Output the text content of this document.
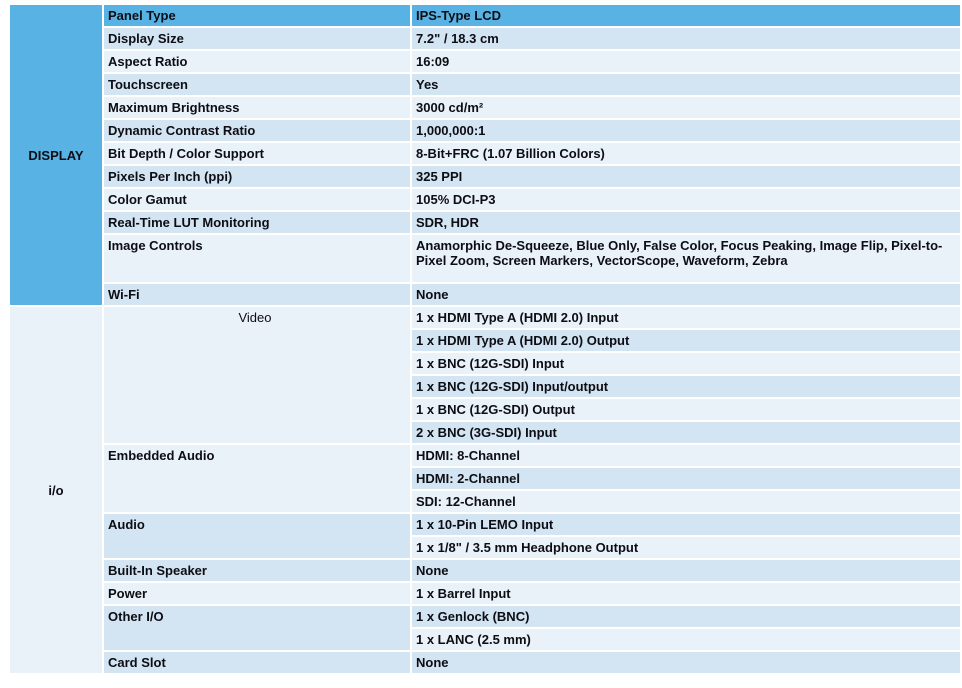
DISPLAY	Panel Type	IPS-Type LCD
	Display Size	7.2" / 18.3 cm
	Aspect Ratio	16:09
	Touchscreen	Yes
	Maximum Brightness	3000 cd/m²
	Dynamic Contrast Ratio	1,000,000:1
	Bit Depth / Color Support	8-Bit+FRC (1.07 Billion Colors)
	Pixels Per Inch (ppi)	325 PPI
	Color Gamut	105% DCI-P3
	Real-Time LUT Monitoring	SDR, HDR
	Image Controls	Anamorphic De-Squeeze, Blue Only, False Color, Focus Peaking, Image Flip, Pixel-to-Pixel Zoom, Screen Markers, VectorScope, Waveform, Zebra
	Wi-Fi	None
i/o	Video	1 x HDMI Type A (HDMI 2.0) Input
		1 x HDMI Type A (HDMI 2.0) Output
		1 x BNC (12G-SDI) Input
		1 x BNC (12G-SDI) Input/output
		1 x BNC (12G-SDI) Output
		2 x BNC (3G-SDI) Input
	Embedded Audio	HDMI: 8-Channel
		HDMI: 2-Channel
		SDI: 12-Channel
	Audio	1 x 10-Pin LEMO Input
		1 x 1/8" / 3.5 mm Headphone Output
	Built-In Speaker	None
	Power	1 x Barrel Input
	Other I/O	1 x Genlock (BNC)
		1 x LANC (2.5 mm)
	Card Slot	None
